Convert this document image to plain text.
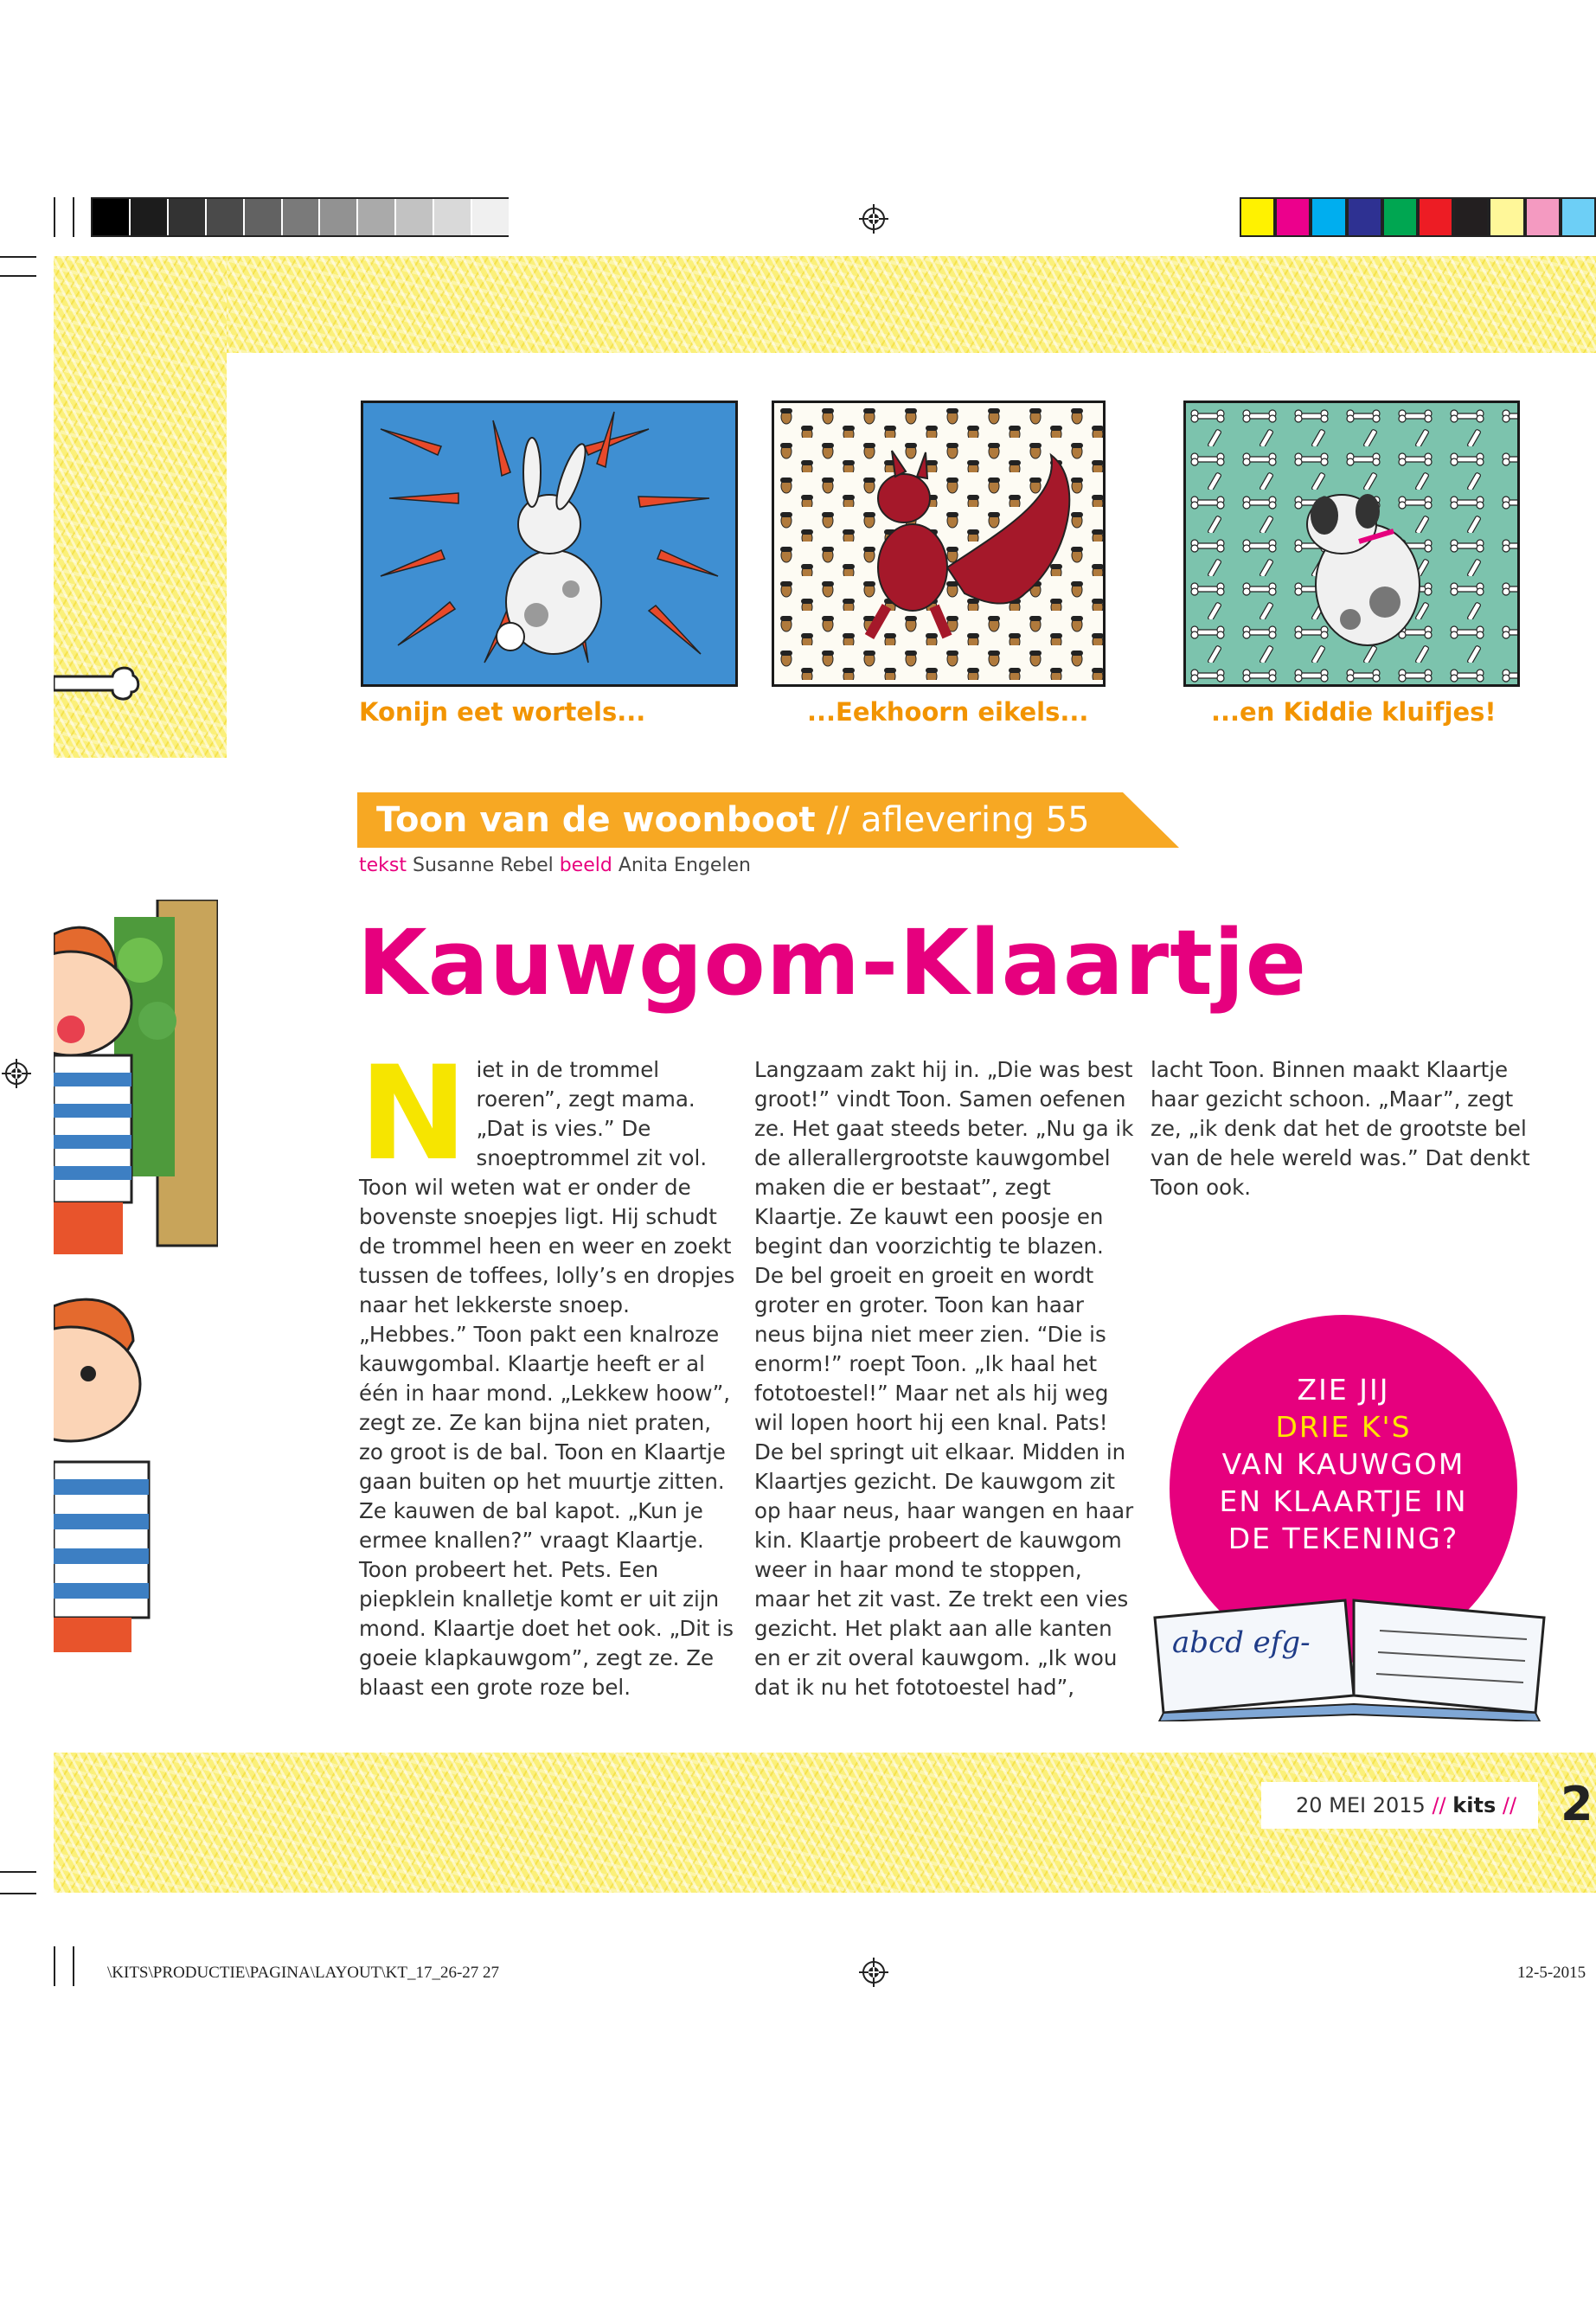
Konijn eet wortels...	...Eekhoorn eikels...	...en Kiddie kluifjes!
Toon van de woonboot // aflevering 55
tekst Susanne Rebel beeld Anita Engelen
Kauwgom-Klaartje
N iet in de trommel roeren”, zegt mama. „Dat is vies.” De snoeptrommel zit vol. Toon wil weten wat er onder de bovenste snoepjes ligt. Hij schudt de trommel heen en weer en zoekt tussen de toffees, lolly’s en dropjes naar het lekkerste snoep. „Hebbes.” Toon pakt een knalroze kauwgombal. Klaartje heeft er al één in haar mond. „Lekkew hoow”, zegt ze. Ze kan bijna niet praten, zo groot is de bal. Toon en Klaartje gaan buiten op het muurtje zitten. Ze kauwen de bal kapot. „Kun je ermee knallen?” vraagt Klaartje. Toon probeert het. Pets. Een piepklein knalletje komt er uit zijn mond. Klaartje doet het ook. „Dit is goeie klapkauwgom”, zegt ze. Ze blaast een grote roze bel.
Langzaam zakt hij in. „Die was best groot!” vindt Toon. Samen oefenen ze. Het gaat steeds beter. „Nu ga ik de allerallergrootste kauwgombel maken die er bestaat”, zegt Klaartje. Ze kauwt een poosje en begint dan voorzichtig te blazen. De bel groeit en groeit en wordt groter en groter. Toon kan haar neus bijna niet meer zien. “Die is enorm!” roept Toon. „Ik haal het fototoestel!” Maar net als hij weg wil lopen hoort hij een knal. Pats! De bel springt uit elkaar. Midden in Klaartjes gezicht. De kauwgom zit op haar neus, haar wangen en haar kin. Klaartje probeert de kauwgom weer in haar mond te stoppen, maar het zit vast. Ze trekt een vies gezicht. Het plakt aan alle kanten en er zit overal kauwgom. „Ik wou dat ik nu het fototoestel had”,
lacht Toon. Binnen maakt Klaartje haar gezicht schoon. „Maar”, zegt ze, „ik denk dat het de grootste bel van de hele wereld was.” Dat denkt Toon ook.
ZIE JIJ
DRIE K'S
VAN KAUWGOM
EN KLAARTJE IN
DE TEKENING?
abcd efg-
20 MEI 2015 // kits // 2
\KITS\PRODUCTIE\PAGINA\LAYOUT\KT_17_26-27 27	12-5-2015
